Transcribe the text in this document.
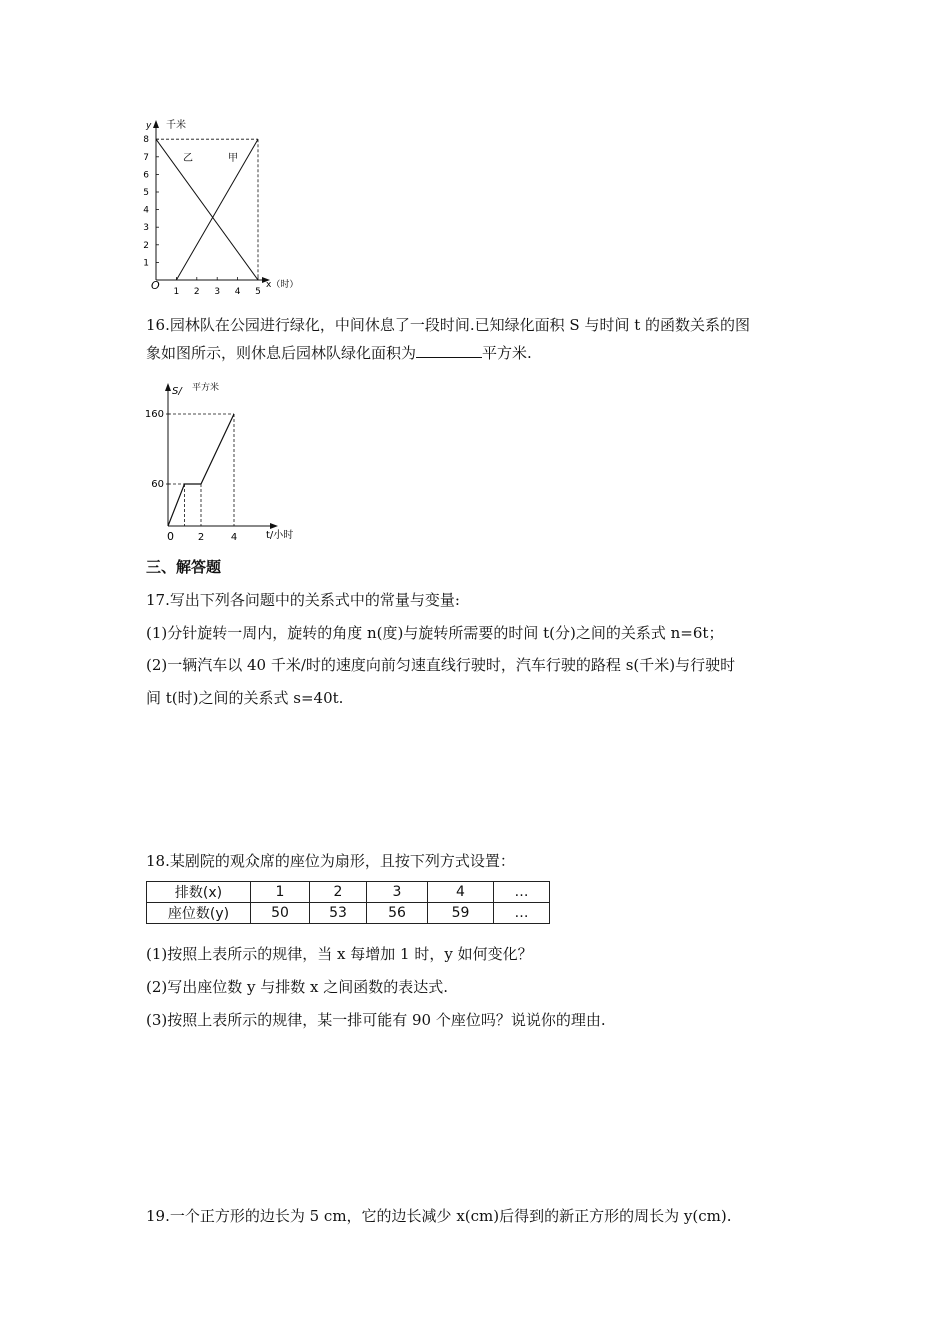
y 千米
x（时）
O
1
2
3
4
5
6
7
8
1 2 3 4 5
乙	甲
16.园林队在公园进行绿化，中间休息了一段时间.已知绿化面积 S 与时间 t 的函数关系的图
象如图所示，则休息后园林队绿化面积为	平方米.
S/ 平方米
t/小时
0
60
160
2	4
三、解答题
17.写出下列各问题中的关系式中的常量与变量:
(1)分针旋转一周内，旋转的角度 n(度)与旋转所需要的时间 t(分)之间的关系式 n=6t；
(2)一辆汽车以 40 千米/时的速度向前匀速直线行驶时，汽车行驶的路程 s(千米)与行驶时
间 t(时)之间的关系式 s=40t.
18.某剧院的观众席的座位为扇形，且按下列方式设置：
排数(x)	1	2	3	4	…
座位数(y)	50	53	56	59	…
(1)按照上表所示的规律，当 x 每增加 1 时，y 如何变化？
(2)写出座位数 y 与排数 x 之间函数的表达式.
(3)按照上表所示的规律，某一排可能有 90 个座位吗？说说你的理由.
19.一个正方形的边长为 5 cm，它的边长减少 x(cm)后得到的新正方形的周长为 y(cm).
